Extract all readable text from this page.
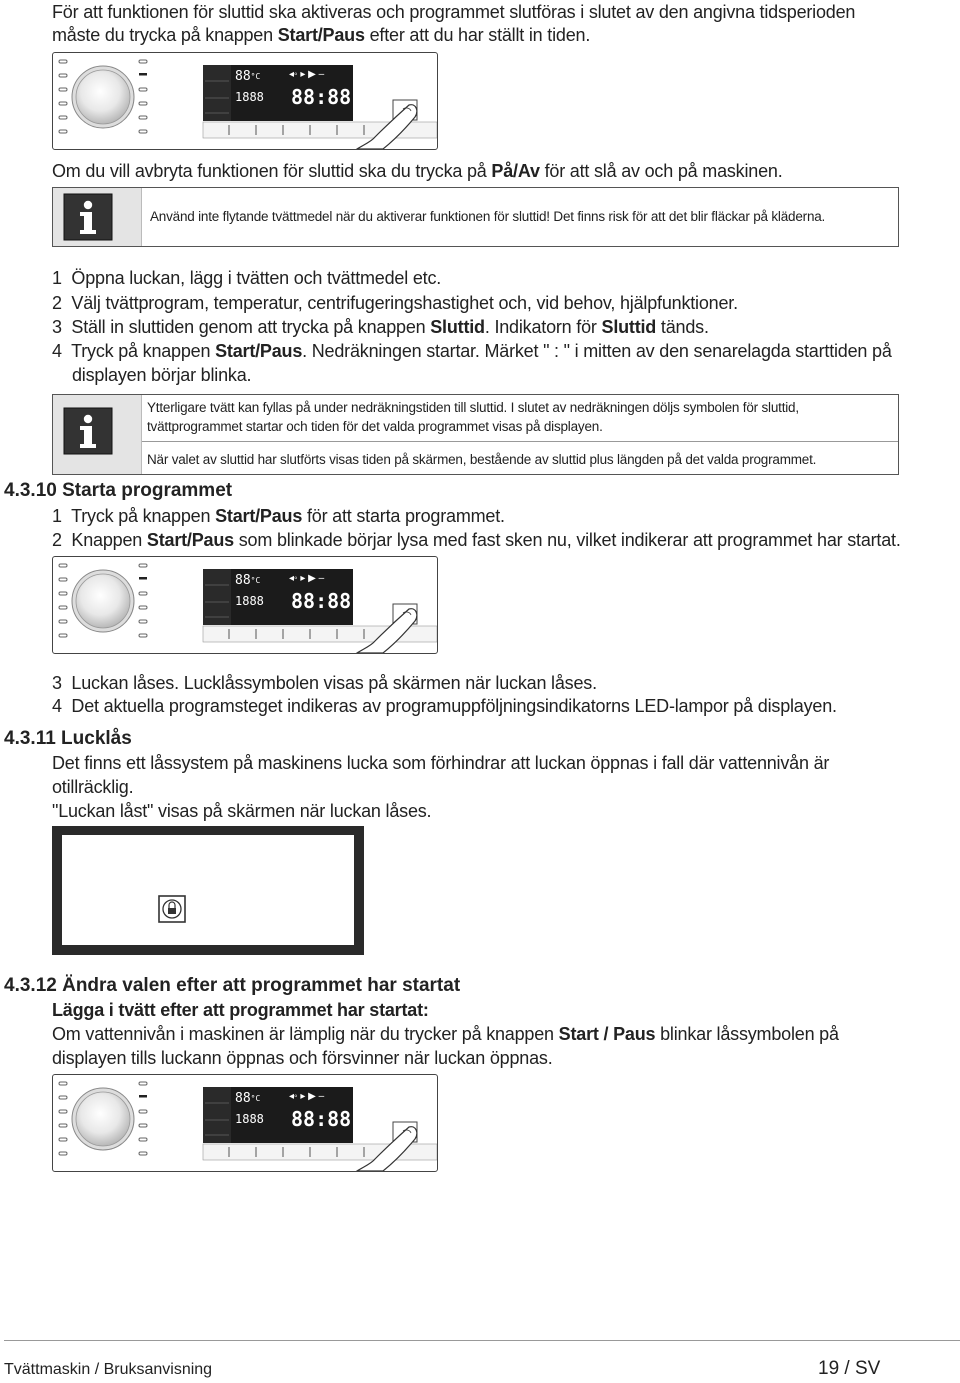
För att funktionen för sluttid ska aktiveras och programmet slutföras i slutet av den angivna tidsperioden
måste du trycka på knappen Start/Paus efter att du har ställt in tiden.
$88^{^\circ C}$
1888 88:88
◂◦ ▸ ▶ ‒
Om du vill avbryta funktionen för sluttid ska du trycka på På/Av för att slå av och på maskinen.
Använd inte flytande tvättmedel när du aktiverar funktionen för sluttid! Det finns risk för att det blir fläckar på kläderna.
1 Öppna luckan, lägg i tvätten och tvättmedel etc.
2 Välj tvättprogram, temperatur, centrifugeringshastighet och, vid behov, hjälpfunktioner.
3 Ställ in sluttiden genom att trycka på knappen Sluttid. Indikatorn för Sluttid tänds.
4 Tryck på knappen Start/Paus. Nedräkningen startar. Märket " : " i mitten av den senarelagda starttiden på
displayen börjar blinka.
Ytterligare tvätt kan fyllas på under nedräkningstiden till sluttid. I slutet av nedräkningen döljs symbolen för sluttid,
tvättprogrammet startar och tiden för det valda programmet visas på displayen.
När valet av sluttid har slutförts visas tiden på skärmen, bestående av sluttid plus längden på det valda programmet.
4.3.10 Starta programmet
1 Tryck på knappen Start/Paus för att starta programmet.
2 Knappen Start/Paus som blinkade börjar lysa med fast sken nu, vilket indikerar att programmet har startat.
$88^{^\circ C}$
1888 88:88
◂◦ ▸ ▶ ‒
3 Luckan låses. Lucklåssymbolen visas på skärmen när luckan låses.
4 Det aktuella programsteget indikeras av programuppföljningsindikatorns LED-lampor på displayen.
4.3.11 Lucklås
Det finns ett låssystem på maskinens lucka som förhindrar att luckan öppnas i fall där vattennivån är
otillräcklig.
"Luckan låst" visas på skärmen när luckan låses.
4.3.12 Ändra valen efter att programmet har startat
Lägga i tvätt efter att programmet har startat:
Om vattennivån i maskinen är lämplig när du trycker på knappen Start / Paus blinkar låssymbolen på
displayen tills luckann öppnas och försvinner när luckan öppnas.
$88^{^\circ C}$
1888 88:88
◂◦ ▸ ▶ ‒
Tvättmaskin / Bruksanvisning	19 / SV
